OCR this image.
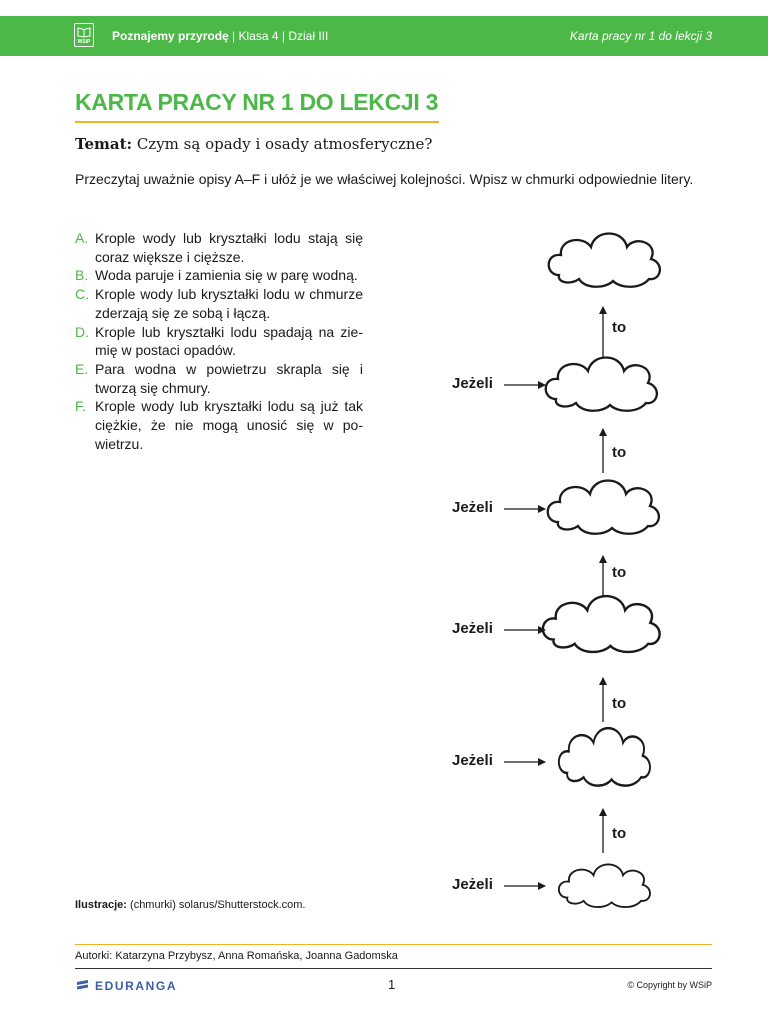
WSiP Poznajemy przyrodę | Klasa 4 | Dział III	Karta pracy nr 1 do lekcji 3
KARTA PRACY NR 1 DO LEKCJI 3
Temat: Czym są opady i osady atmosferyczne?
Przeczytaj uważnie opisy A–F i ułóż je we właściwej kolejności. Wpisz w chmurki odpowiednie litery.
A. Krople wody lub kryształki lodu stają się coraz większe i cięższe.
B. Woda paruje i zamienia się w parę wodną.
C. Krople wody lub kryształki lodu w chmurze zderzają się ze sobą i łączą.
D. Krople lub kryształki lodu spadają na ziemię w postaci opadów.
E. Para wodna w powietrzu skrapla się i tworzą się chmury.
F. Krople wody lub kryształki lodu są już tak ciężkie, że nie mogą unosić się w powietrzu.
to
to
to
to
to
Jeżeli
Jeżeli
Jeżeli
Jeżeli
Jeżeli
Ilustracje: (chmurki) solarus/Shutterstock.com.
Autorki: Katarzyna Przybysz, Anna Romańska, Joanna Gadomska
EDURANGA	1	© Copyright by WSiP
